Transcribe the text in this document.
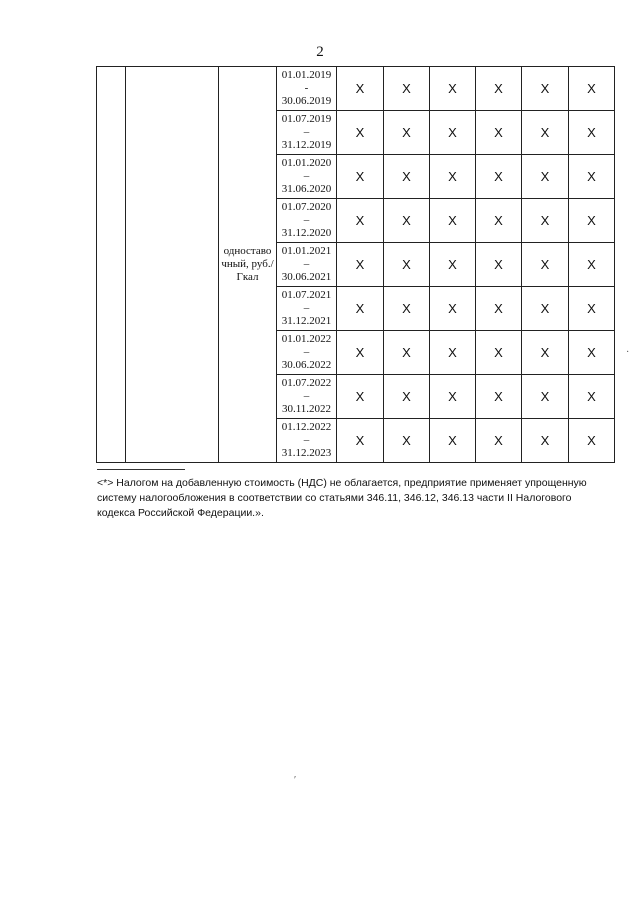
2
		одноставо чный, руб./Гкал	01.01.2019
-
30.06.2019	X	X	X	X	X	X

			01.07.2019
–
31.12.2019	X	X	X	X	X	X

			01.01.2020
–
31.06.2020	X	X	X	X	X	X

			01.07.2020
–
31.12.2020	X	X	X	X	X	X

			01.01.2021
–
30.06.2021	X	X	X	X	X	X

			01.07.2021
–
31.12.2021	X	X	X	X	X	X

			01.01.2022
–
30.06.2022	X	X	X	X	X	X

			01.07.2022
–
30.11.2022	X	X	X	X	X	X

			01.12.2022
–
31.12.2023	X	X	X	X	X	X
<*> Налогом на добавленную стоимость (НДС) не облагается, предприятие применяет упрощенную систему налогообложения в соответствии со статьями 346.11, 346.12, 346.13 части II Налогового кодекса Российской Федерации.».
·
′
